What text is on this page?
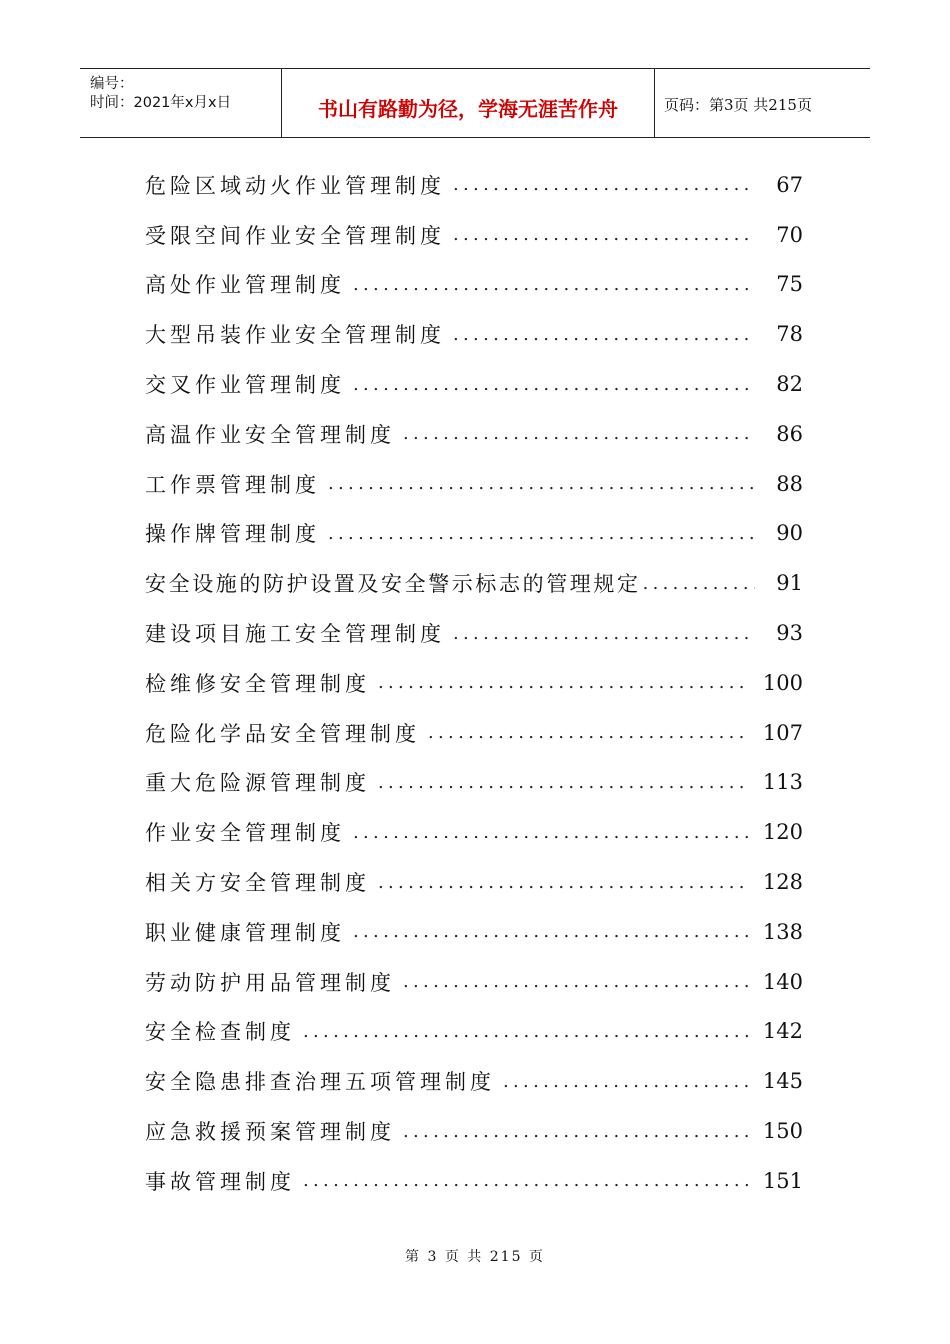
编号：
时间：2021年x月x日	书山有路勤为径，学海无涯苦作舟	页码：第3页 共215页
危险区域动火作业管理制度 .....	67
受限空间作业安全管理制度 .....	70
高处作业管理制度 .....	75
大型吊装作业安全管理制度 .....	78
交叉作业管理制度 .....	82
高温作业安全管理制度 .....	86
工作票管理制度 .....	88
操作牌管理制度 .....	90
安全设施的防护设置及安全警示标志的管理规定 .....	91
建设项目施工安全管理制度 .....	93
检维修安全管理制度 .....	100
危险化学品安全管理制度 .....	107
重大危险源管理制度 .....	113
作业安全管理制度 .....	120
相关方安全管理制度 .....	128
职业健康管理制度 .....	138
劳动防护用品管理制度 .....	140
安全检查制度 .....	142
安全隐患排查治理五项管理制度 .....	145
应急救援预案管理制度 .....	150
事故管理制度 .....	151
第 3 页 共 215 页
